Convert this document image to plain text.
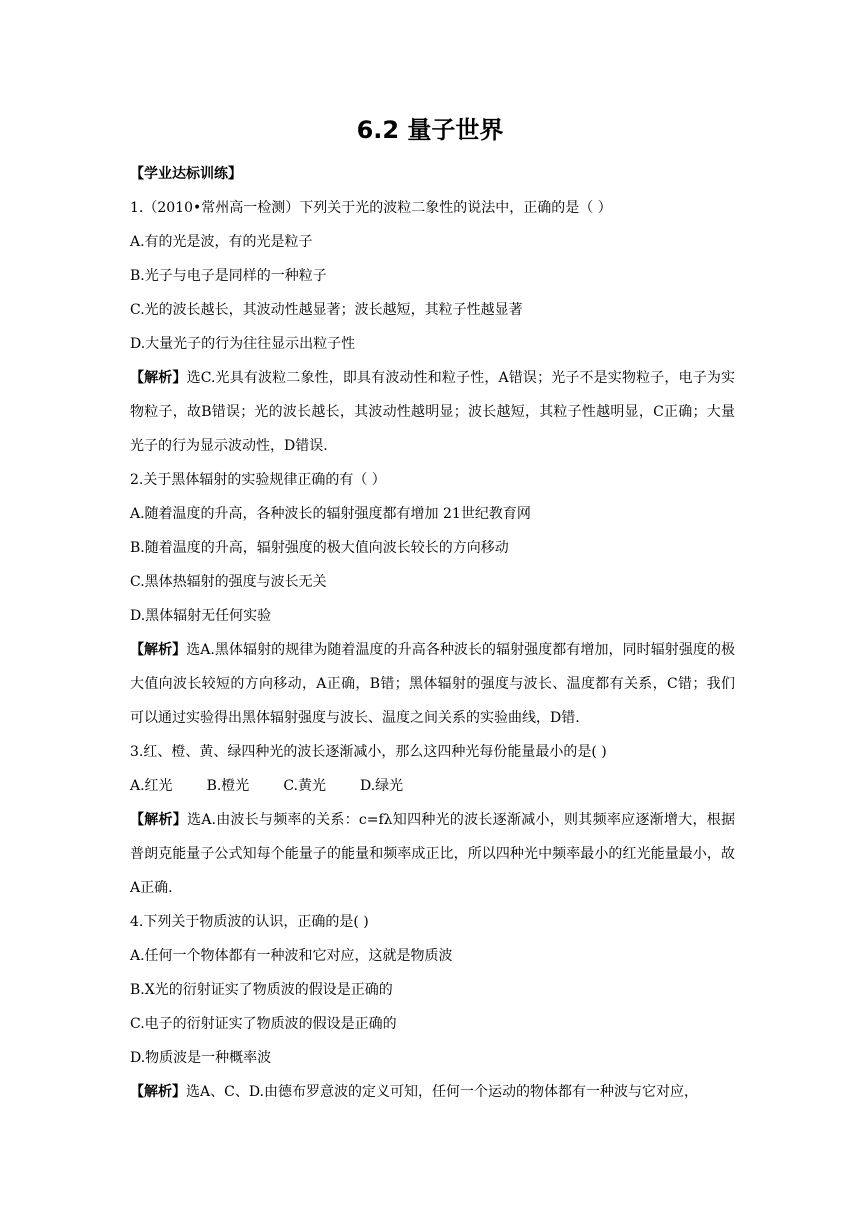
6.2 量子世界

【学业达标训练】

1.（2010•常州高一检测）下列关于光的波粒二象性的说法中，正确的是（ ）

A.有的光是波，有的光是粒子

B.光子与电子是同样的一种粒子

C.光的波长越长，其波动性越显著；波长越短，其粒子性越显著

D.大量光子的行为往往显示出粒子性

【解析】选C.光具有波粒二象性，即具有波动性和粒子性，A错误；光子不是实物粒子，电子为实物粒子，故B错误；光的波长越长，其波动性越明显；波长越短，其粒子性越明显，C正确；大量光子的行为显示波动性，D错误.

2.关于黑体辐射的实验规律正确的有（ ）

A.随着温度的升高，各种波长的辐射强度都有增加 21世纪教育网

B.随着温度的升高，辐射强度的极大值向波长较长的方向移动

C.黑体热辐射的强度与波长无关

D.黑体辐射无任何实验

【解析】选A.黑体辐射的规律为随着温度的升高各种波长的辐射强度都有增加，同时辐射强度的极大值向波长较短的方向移动，A正确，B错；黑体辐射的强度与波长、温度都有关系，C错；我们可以通过实验得出黑体辐射强度与波长、温度之间关系的实验曲线，D错.

3.红、橙、黄、绿四种光的波长逐渐减小，那么这四种光每份能量最小的是( )

A.红光 B.橙光 C.黄光 D.绿光

【解析】选A.由波长与频率的关系：c=fλ知四种光的波长逐渐减小，则其频率应逐渐增大，根据普朗克能量子公式知每个能量子的能量和频率成正比，所以四种光中频率最小的红光能量最小，故A正确.

4.下列关于物质波的认识，正确的是( )

A.任何一个物体都有一种波和它对应，这就是物质波

B.X光的衍射证实了物质波的假设是正确的

C.电子的衍射证实了物质波的假设是正确的

D.物质波是一种概率波

【解析】选A、C、D.由德布罗意波的定义可知，任何一个运动的物体都有一种波与它对应，
